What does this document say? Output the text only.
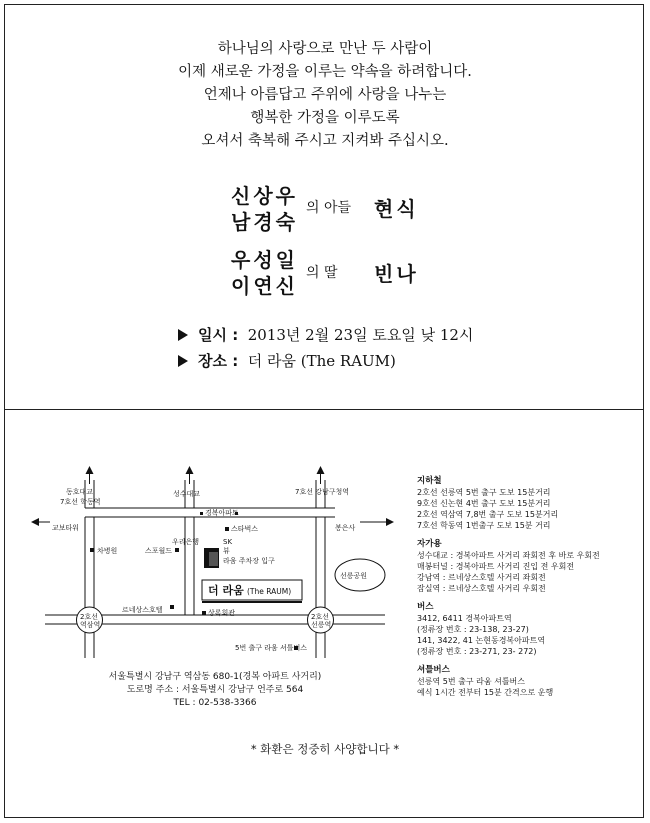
하나님의 사랑으로 만난 두 사람이
이제 새로운 가정을 이루는 약속을 하려합니다.
언제나 아름답고 주위에 사랑을 나누는
행복한 가정을 이루도록
오셔서 축복해 주시고 지켜봐 주십시오.
신상우
남경숙
의 아들 현식
우성일
이연신
의 딸 빈나
일시 : 2013년 2월 23일 토요일 낮 12시
장소 : 더 라움 (The RAUM)
동호대교
7호선 학동역
성수대교	7호선 강남구청역
교보타워	봉은사
경복아파트
우리은행	SK
뷰
스타벅스
차병원	스포월드
라움 주차장 입구
선릉공원
르네상스호텔	상록회관
2호선
역삼역
2호선
선릉역
5번 출구 라움 셔틀버스
더 라움 (The RAUM)
서울특별시 강남구 역삼동 680-1(경복 아파트 사거리)
도로명 주소 : 서울특별시 강남구 언주로 564
TEL : 02-538-3366
지하철
2호선 선릉역 5번 출구 도보 15분거리
9호선 신논현 4번 출구 도보 15분거리
2호선 역삼역 7,8번 출구 도보 15분거리
7호선 학동역 1번출구 도보 15분 거리
자가용
성수대교 : 경복아파트 사거리 좌회전 후 바로 우회전
매봉터널 : 경복아파트 사거리 진입 전 우회전
강남역 : 르네상스호텔 사거리 좌회전
잠실역 : 르네상스호텔 사거리 우회전
버스
3412, 6411 경복아파트역
(정류장 번호 : 23-138, 23-27)
141, 3422, 41 논현동경복아파트역
(정류장 번호 : 23-271, 23- 272)
셔틀버스
선릉역 5번 출구 라움 셔틀버스
예식 1시간 전부터 15분 간격으로 운행
* 화환은 정중히 사양합니다 *
